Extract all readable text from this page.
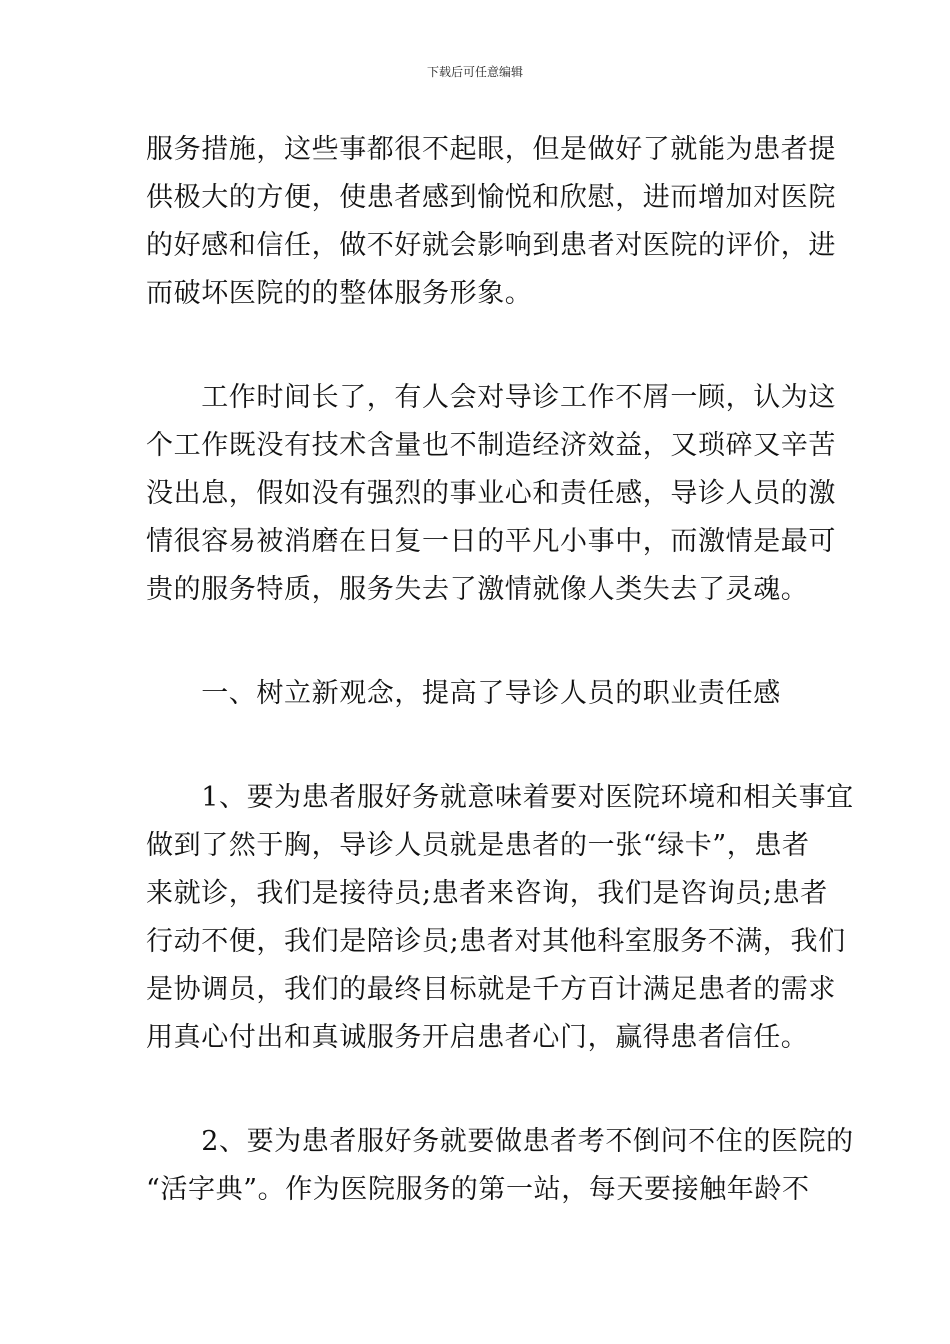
下载后可任意编辑
服务措施，这些事都很不起眼，但是做好了就能为患者提
供极大的方便，使患者感到愉悦和欣慰，进而增加对医院
的好感和信任，做不好就会影响到患者对医院的评价，进
而破坏医院的的整体服务形象。
　　工作时间长了，有人会对导诊工作不屑一顾，认为这
个工作既没有技术含量也不制造经济效益，又琐碎又辛苦
没出息，假如没有强烈的事业心和责任感，导诊人员的激
情很容易被消磨在日复一日的平凡小事中，而激情是最可
贵的服务特质，服务失去了激情就像人类失去了灵魂。
　　一、树立新观念，提高了导诊人员的职业责任感
　　1、要为患者服好务就意味着要对医院环境和相关事宜
做到了然于胸，导诊人员就是患者的一张“绿卡”，患者
来就诊，我们是接待员;患者来咨询，我们是咨询员;患者
行动不便，我们是陪诊员;患者对其他科室服务不满，我们
是协调员，我们的最终目标就是千方百计满足患者的需求
用真心付出和真诚服务开启患者心门，赢得患者信任。
　　2、要为患者服好务就要做患者考不倒问不住的医院的
“活字典”。作为医院服务的第一站，每天要接触年龄不
